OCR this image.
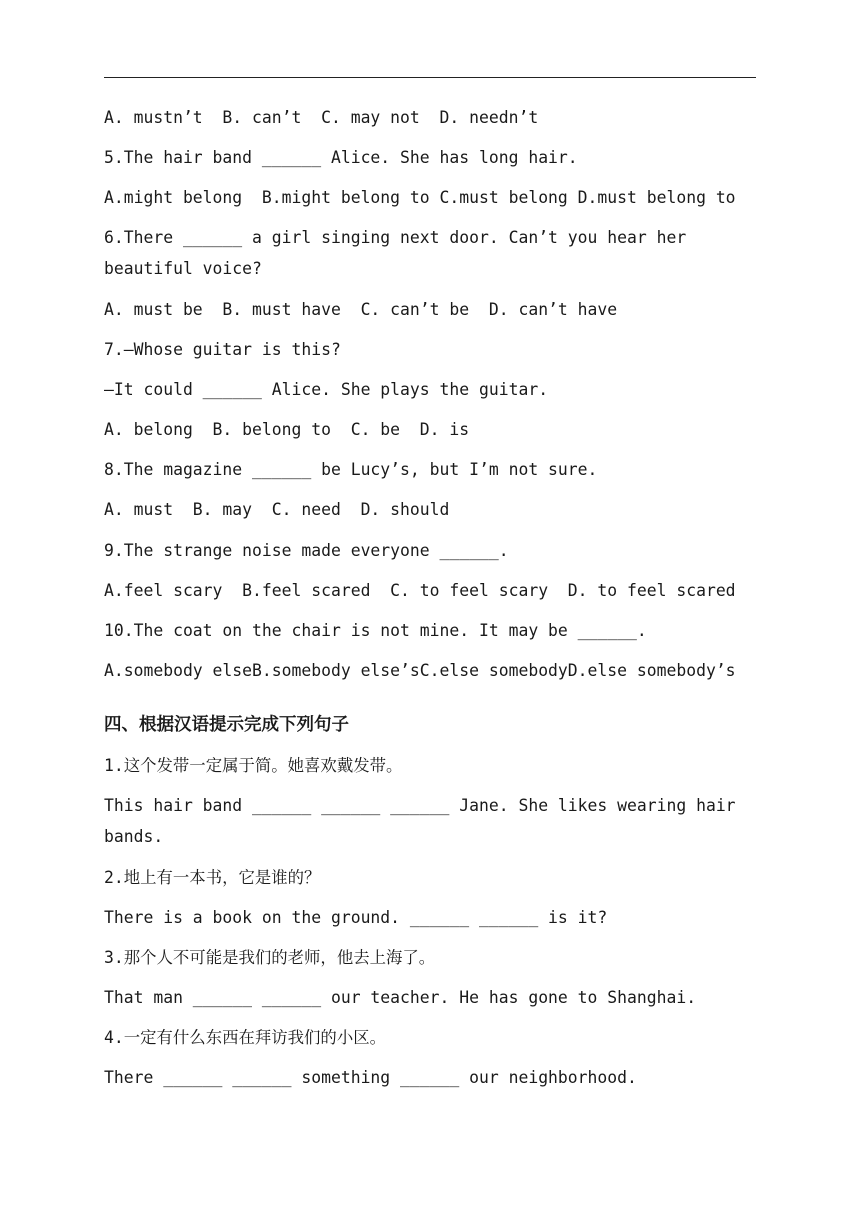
A. mustn’t  B. can’t  C. may not  D. needn’t
5.The hair band ______ Alice. She has long hair.
A.might belong  B.might belong to C.must belong D.must belong to
6.There ______ a girl singing next door. Can’t you hear her
beautiful voice?
A. must be  B. must have  C. can’t be  D. can’t have
7.—Whose guitar is this?
—It could ______ Alice. She plays the guitar.
A. belong  B. belong to  C. be  D. is
8.The magazine ______ be Lucy’s, but I’m not sure.
A. must  B. may  C. need  D. should
9.The strange noise made everyone ______.
A.feel scary  B.feel scared  C. to feel scary  D. to feel scared
10.The coat on the chair is not mine. It may be ______.
A.somebody elseB.somebody else’sC.else somebodyD.else somebody’s
四、根据汉语提示完成下列句子
1.这个发带一定属于简。她喜欢戴发带。
This hair band ______ ______ ______ Jane. She likes wearing hair
bands.
2.地上有一本书，它是谁的？
There is a book on the ground. ______ ______ is it?
3.那个人不可能是我们的老师，他去上海了。
That man ______ ______ our teacher. He has gone to Shanghai.
4.一定有什么东西在拜访我们的小区。
There ______ ______ something ______ our neighborhood.
